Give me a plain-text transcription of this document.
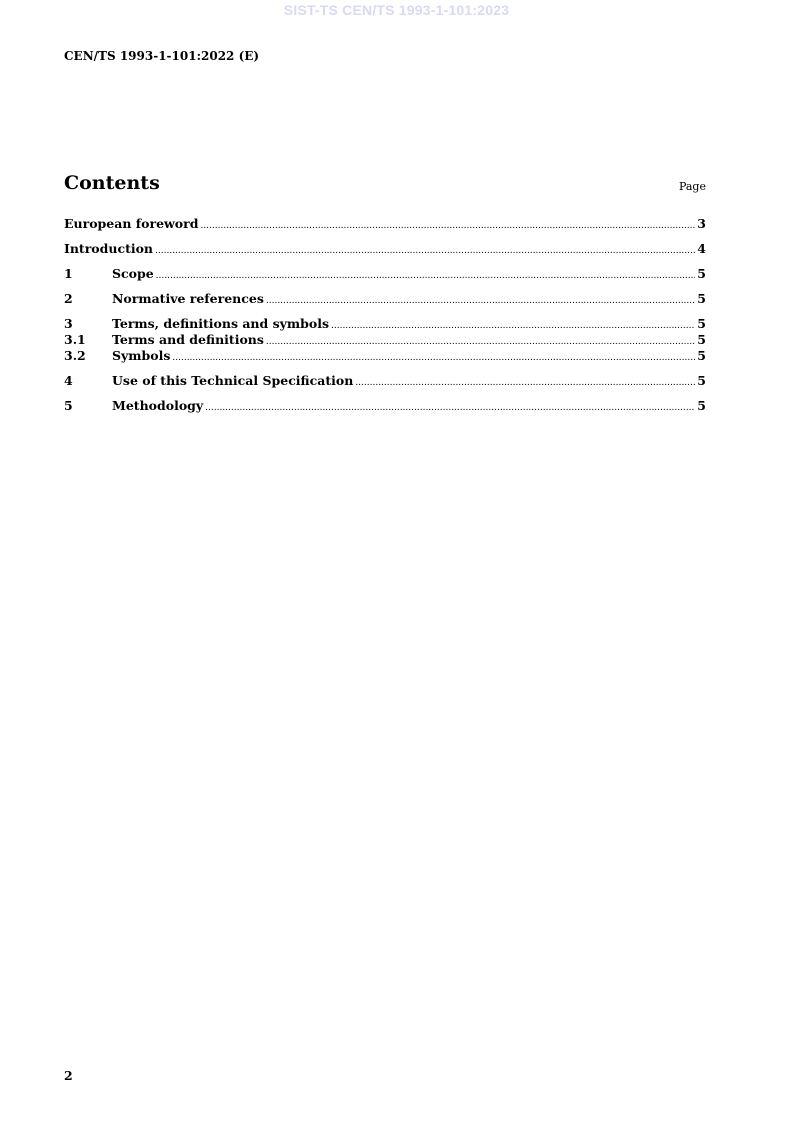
SIST-TS CEN/TS 1993-1-101:2023
CEN/TS 1993-1-101:2022 (E)
Contents	Page
European foreword .....	3
Introduction .....	4
1	Scope .....	5
2	Normative references .....	5
3	Terms, definitions and symbols .....	5
3.1	Terms and definitions .....	5
3.2	Symbols .....	5
4	Use of this Technical Specification .....	5
5	Methodology .....	5
2
